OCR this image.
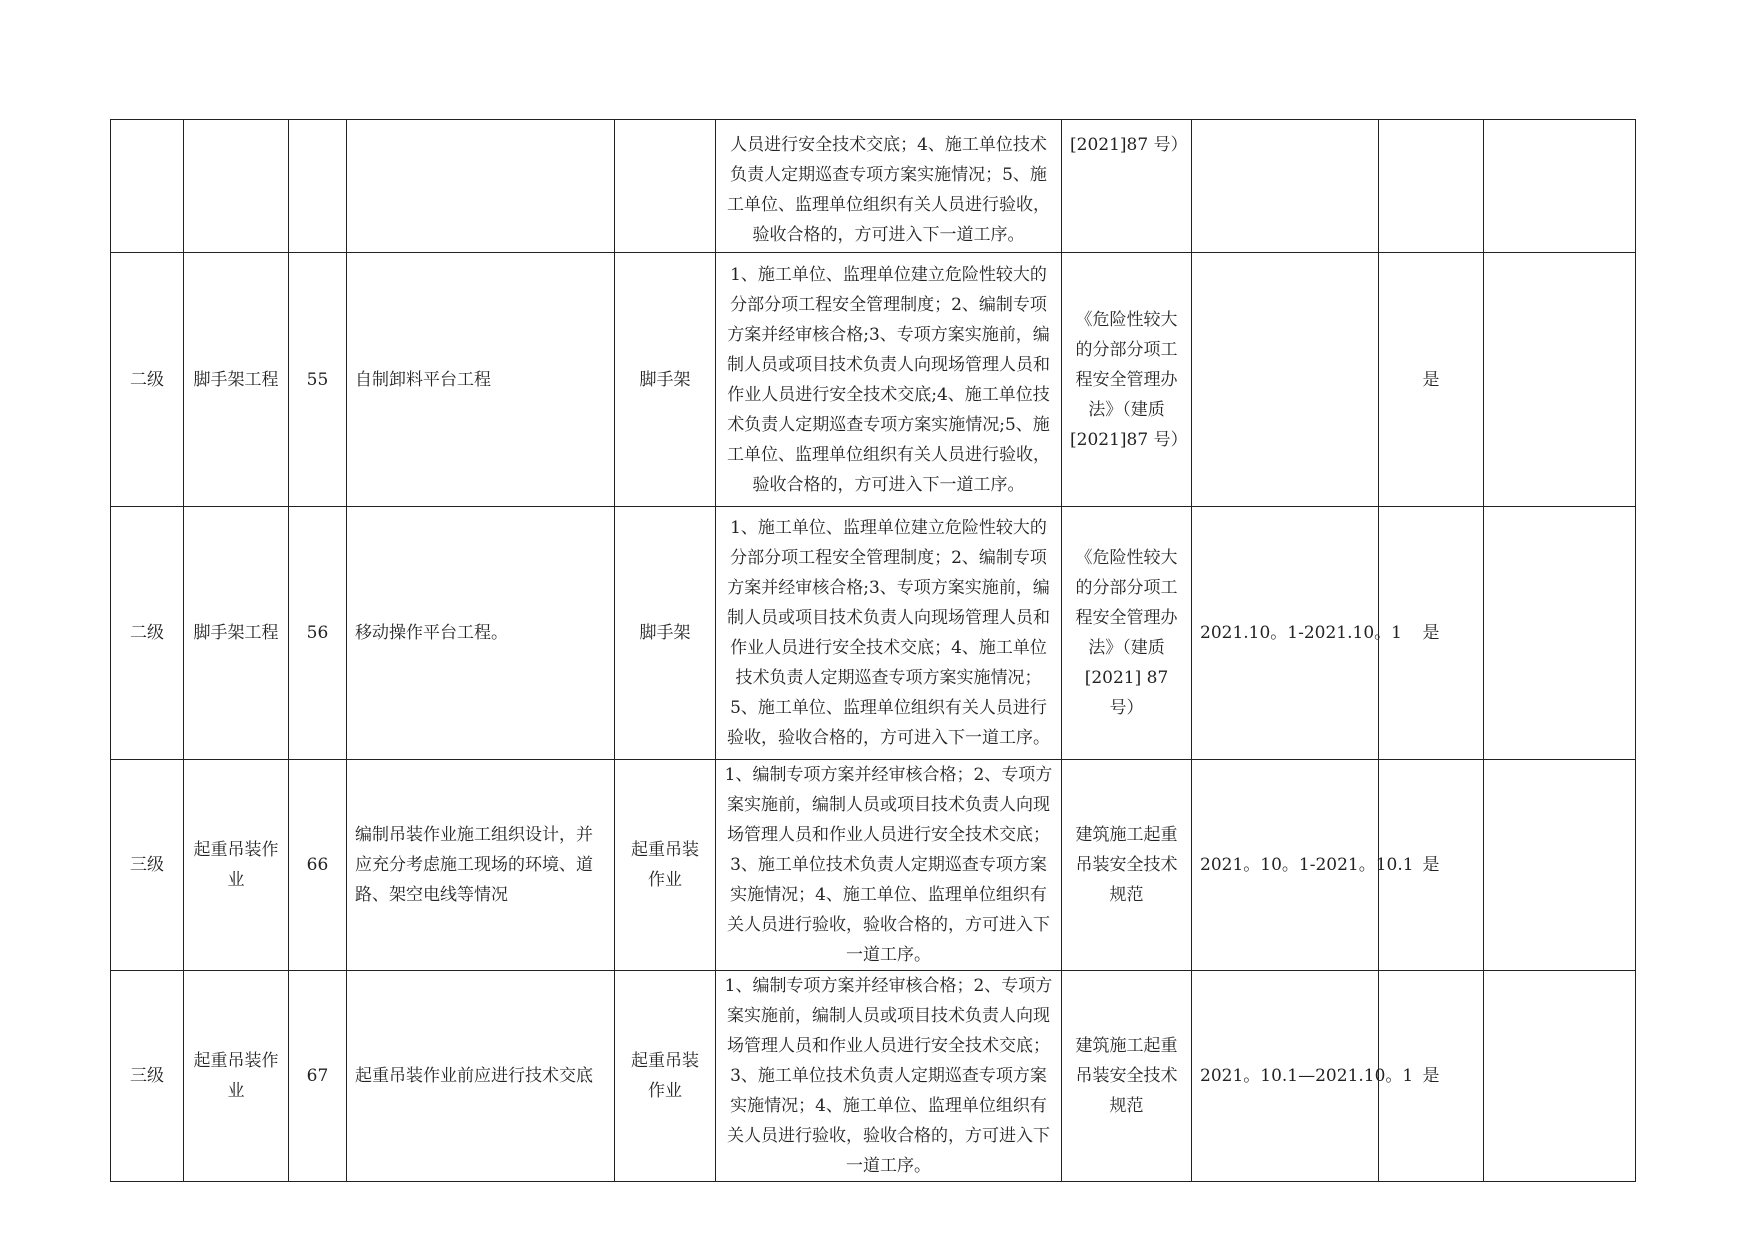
					人员进行安全技术交底；4、施工单位技术负责人定期巡查专项方案实施情况；5、施工单位、监理单位组织有关人员进行验收，验收合格的，方可进入下一道工序。	[2021]87 号）			
二级	脚手架工程	55	自制卸料平台工程	脚手架	1、施工单位、监理单位建立危险性较大的分部分项工程安全管理制度；2、编制专项方案并经审核合格;3、专项方案实施前，编制人员或项目技术负责人向现场管理人员和作业人员进行安全技术交底;4、施工单位技术负责人定期巡查专项方案实施情况;5、施工单位、监理单位组织有关人员进行验收，验收合格的，方可进入下一道工序。	《危险性较大的分部分项工程安全管理办法》（建质[2021]87 号）		是	
二级	脚手架工程	56	移动操作平台工程。	脚手架	1、施工单位、监理单位建立危险性较大的分部分项工程安全管理制度；2、编制专项方案并经审核合格;3、专项方案实施前，编制人员或项目技术负责人向现场管理人员和作业人员进行安全技术交底；4、施工单位技术负责人定期巡查专项方案实施情况；5、施工单位、监理单位组织有关人员进行验收，验收合格的，方可进入下一道工序。	《危险性较大的分部分项工程安全管理办法》（建质[2021] 87 号）	2021.10。1-2021.10。1	是	
三级	起重吊装作业	66	编制吊装作业施工组织设计，并应充分考虑施工现场的环境、道路、架空电线等情况	起重吊装作业	1、编制专项方案并经审核合格；2、专项方案实施前，编制人员或项目技术负责人向现场管理人员和作业人员进行安全技术交底；3、施工单位技术负责人定期巡查专项方案实施情况；4、施工单位、监理单位组织有关人员进行验收，验收合格的，方可进入下一道工序。	建筑施工起重吊装安全技术规范	2021。10。1-2021。10.1	是	
三级	起重吊装作业	67	起重吊装作业前应进行技术交底	起重吊装作业	1、编制专项方案并经审核合格；2、专项方案实施前，编制人员或项目技术负责人向现场管理人员和作业人员进行安全技术交底；3、施工单位技术负责人定期巡查专项方案实施情况；4、施工单位、监理单位组织有关人员进行验收，验收合格的，方可进入下一道工序。	建筑施工起重吊装安全技术规范	2021。10.1—2021.10。1	是	
